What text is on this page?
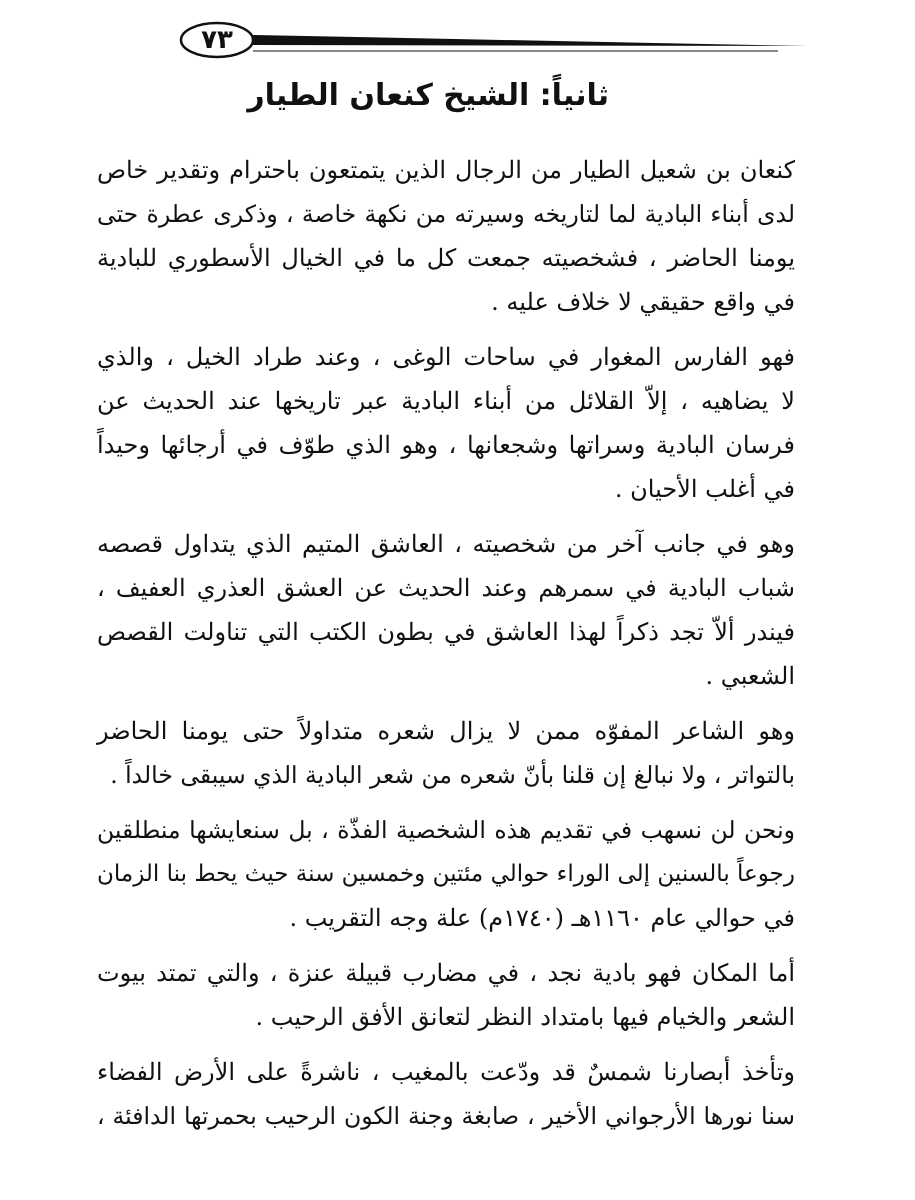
٧٣
ثانياً: الشيخ كنعان الطيار
كنعان بن شعيل الطيار من الرجال الذين يتمتعون باحترام وتقدير خاص
لدى أبناء البادية لما لتاريخه وسيرته من نكهة خاصة ، وذكرى عطرة حتى
يومنا الحاضر ، فشخصيته جمعت كل ما في الخيال الأسطوري للبادية
في واقع حقيقي لا خلاف عليه .
فهو الفارس المغوار في ساحات الوغى ، وعند طراد الخيل ، والذي
لا يضاهيه ، إلاّ القلائل من أبناء البادية عبر تاريخها عند الحديث عن
فرسان البادية وسراتها وشجعانها ، وهو الذي طوّف في أرجائها وحيداً
في أغلب الأحيان .
وهو في جانب آخر من شخصيته ، العاشق المتيم الذي يتداول قصصه
شباب البادية في سمرهم وعند الحديث عن العشق العذري العفيف ،
فيندر ألاّ تجد ذكراً لهذا العاشق في بطون الكتب التي تناولت القصص
الشعبي .
وهو الشاعر المفوّه ممن لا يزال شعره متداولاً حتى يومنا الحاضر
بالتواتر ، ولا نبالغ إن قلنا بأنّ شعره من شعر البادية الذي سيبقى خالداً .
ونحن لن نسهب في تقديم هذه الشخصية الفذّة ، بل سنعايشها منطلقين
رجوعاً بالسنين إلى الوراء حوالي مئتين وخمسين سنة حيث يحط بنا الزمان
في حوالي عام ١١٦٠هـ (١٧٤٠م) علة وجه التقريب .
أما المكان فهو بادية نجد ، في مضارب قبيلة عنزة ، والتي تمتد بيوت
الشعر والخيام فيها بامتداد النظر لتعانق الأفق الرحيب .
وتأخذ أبصارنا شمسٌ قد ودّعت بالمغيب ، ناشرةً على الأرض الفضاء
سنا نورها الأرجواني الأخير ، صابغة وجنة الكون الرحيب بحمرتها الدافئة ،
